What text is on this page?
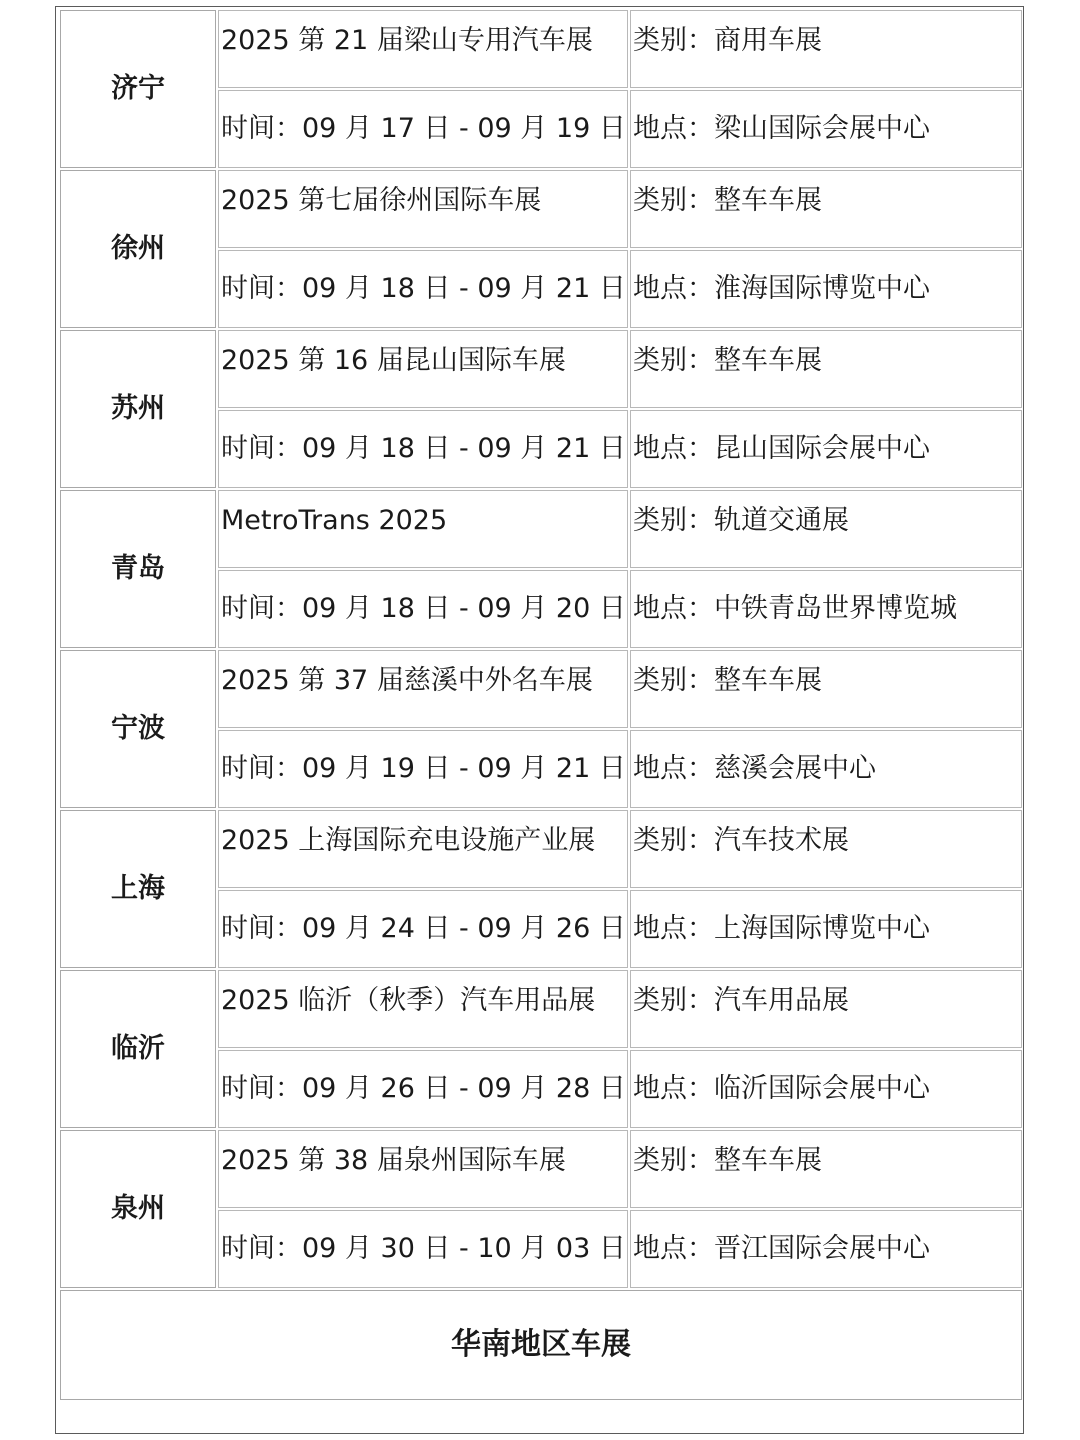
济宁	2025 第 21 届梁山专用汽车展	类别：商用车展
	时间：09 月 17 日 - 09 月 19 日	地点：梁山国际会展中心
徐州	2025 第七届徐州国际车展	类别：整车车展
	时间：09 月 18 日 - 09 月 21 日	地点：淮海国际博览中心
苏州	2025 第 16 届昆山国际车展	类别：整车车展
	时间：09 月 18 日 - 09 月 21 日	地点：昆山国际会展中心
青岛	MetroTrans 2025	类别：轨道交通展
	时间：09 月 18 日 - 09 月 20 日	地点：中铁青岛世界博览城
宁波	2025 第 37 届慈溪中外名车展	类别：整车车展
	时间：09 月 19 日 - 09 月 21 日	地点：慈溪会展中心
上海	2025 上海国际充电设施产业展	类别：汽车技术展
	时间：09 月 24 日 - 09 月 26 日	地点：上海国际博览中心
临沂	2025 临沂（秋季）汽车用品展	类别：汽车用品展
	时间：09 月 26 日 - 09 月 28 日	地点：临沂国际会展中心
泉州	2025 第 38 届泉州国际车展	类别：整车车展
	时间：09 月 30 日 - 10 月 03 日	地点：晋江国际会展中心
华南地区车展		
